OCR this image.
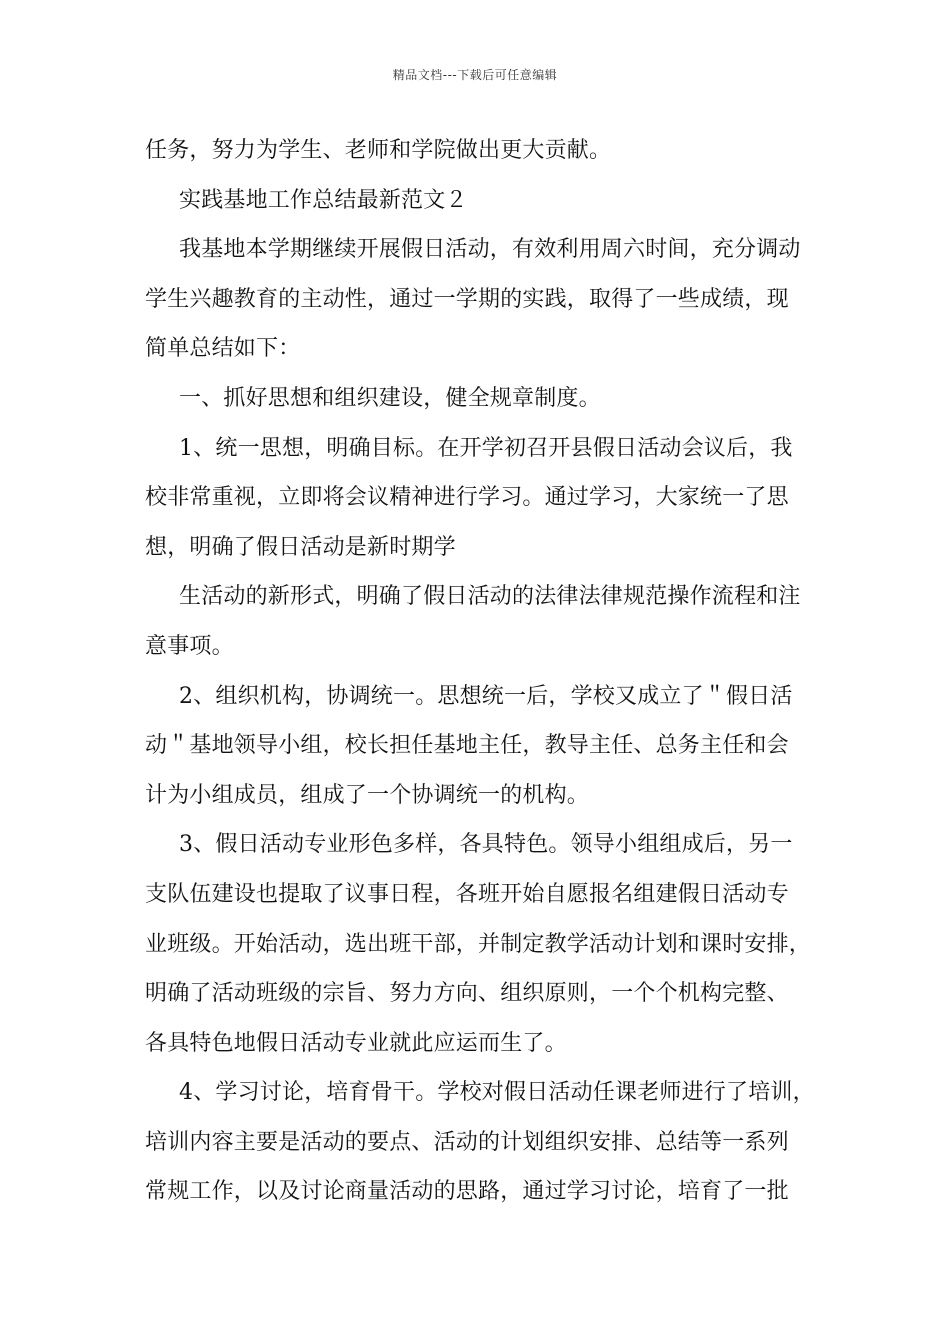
精品文档---下载后可任意编辑
任务，努力为学生、老师和学院做出更大贡献。
实践基地工作总结最新范文２
我基地本学期继续开展假日活动，有效利用周六时间，充分调动
学生兴趣教育的主动性，通过一学期的实践，取得了一些成绩，现
简单总结如下：
一、抓好思想和组织建设，健全规章制度。
1、统一思想，明确目标。在开学初召开县假日活动会议后，我
校非常重视，立即将会议精神进行学习。通过学习，大家统一了思
想，明确了假日活动是新时期学
生活动的新形式，明确了假日活动的法律法律规范操作流程和注
意事项。
2、组织机构，协调统一。思想统一后，学校又成立了＂假日活
动＂基地领导小组，校长担任基地主任，教导主任、总务主任和会
计为小组成员，组成了一个协调统一的机构。
3、假日活动专业形色多样，各具特色。领导小组组成后，另一
支队伍建设也提取了议事日程，各班开始自愿报名组建假日活动专
业班级。开始活动，选出班干部，并制定教学活动计划和课时安排，
明确了活动班级的宗旨、努力方向、组织原则，一个个机构完整、
各具特色地假日活动专业就此应运而生了。
4、学习讨论，培育骨干。学校对假日活动任课老师进行了培训，
培训内容主要是活动的要点、活动的计划组织安排、总结等一系列
常规工作，以及讨论商量活动的思路，通过学习讨论，培育了一批
